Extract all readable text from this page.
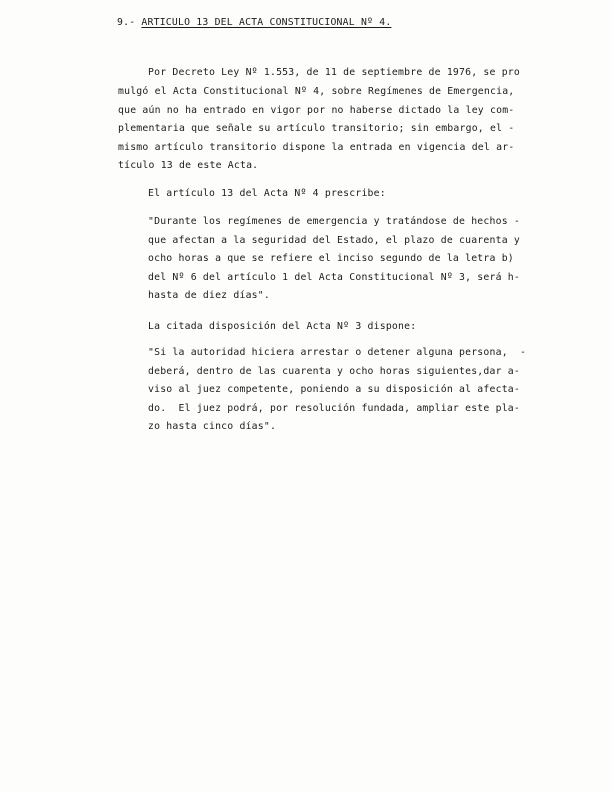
9.- ARTICULO 13 DEL ACTA CONSTITUCIONAL Nº 4.
Por Decreto Ley Nº 1.553, de 11 de septiembre de 1976, se pro
mulgó el Acta Constitucional Nº 4, sobre Regímenes de Emergencia,
que aún no ha entrado en vigor por no haberse dictado la ley com-
plementaria que señale su artículo transitorio; sin embargo, el -
mismo artículo transitorio dispone la entrada en vigencia del ar-
tículo 13 de este Acta.
El artículo 13 del Acta Nº 4 prescribe:
"Durante los regímenes de emergencia y tratándose de hechos -
que afectan a la seguridad del Estado, el plazo de cuarenta y
ocho horas a que se refiere el inciso segundo de la letra b)
del Nº 6 del artículo 1 del Acta Constitucional Nº 3, será h-
hasta de diez días".
La citada disposición del Acta Nº 3 dispone:
"Si la autoridad hiciera arrestar o detener alguna persona,  -
deberá, dentro de las cuarenta y ocho horas siguientes,dar a-
viso al juez competente, poniendo a su disposición al afecta-
do.  El juez podrá, por resolución fundada, ampliar este pla-
zo hasta cinco días".
